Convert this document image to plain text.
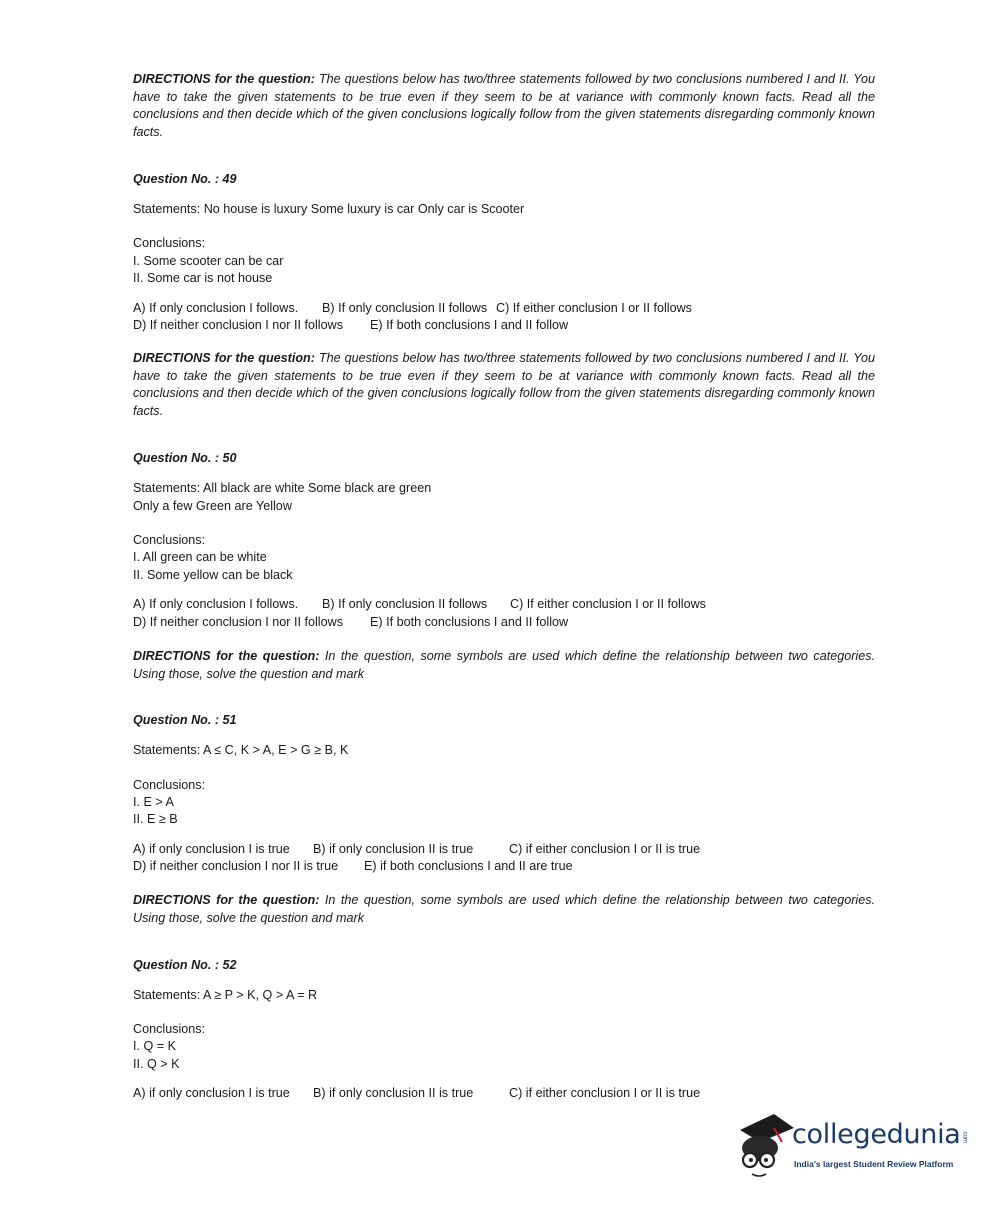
DIRECTIONS for the question: The questions below has two/three statements followed by two conclusions numbered I and II. You have to take the given statements to be true even if they seem to be at variance with commonly known facts. Read all the conclusions and then decide which of the given conclusions logically follow from the given statements disregarding commonly known facts.
Question No. : 49
Statements: No house is luxury Some luxury is car Only car is Scooter
Conclusions:
I. Some scooter can be car
II. Some car is not house
A) If only conclusion I follows. B) If only conclusion II follows C) If either conclusion I or II follows
D) If neither conclusion I nor II follows E) If both conclusions I and II follow
DIRECTIONS for the question: The questions below has two/three statements followed by two conclusions numbered I and II. You have to take the given statements to be true even if they seem to be at variance with commonly known facts. Read all the conclusions and then decide which of the given conclusions logically follow from the given statements disregarding commonly known facts.
Question No. : 50
Statements: All black are white Some black are green
Only a few Green are Yellow
Conclusions:
I. All green can be white
II. Some yellow can be black
A) If only conclusion I follows. B) If only conclusion II follows C) If either conclusion I or II follows
D) If neither conclusion I nor II follows E) If both conclusions I and II follow
DIRECTIONS for the question: In the question, some symbols are used which define the relationship between two categories. Using those, solve the question and mark
Question No. : 51
Statements: A ≤ C, K > A, E > G ≥ B, K
Conclusions:
I. E > A
II. E ≥ B
A) if only conclusion I is true B) if only conclusion II is true	C) if either conclusion I or II is true
D) if neither conclusion I nor II is true E) if both conclusions I and II are true
DIRECTIONS for the question: In the question, some symbols are used which define the relationship between two categories. Using those, solve the question and mark
Question No. : 52
Statements: A ≥ P > K, Q > A = R
Conclusions:
I. Q = K
II. Q > K
A) if only conclusion I is true B) if only conclusion II is true	C) if either conclusion I or II is true
collegedunia .com
India's largest Student Review Platform
